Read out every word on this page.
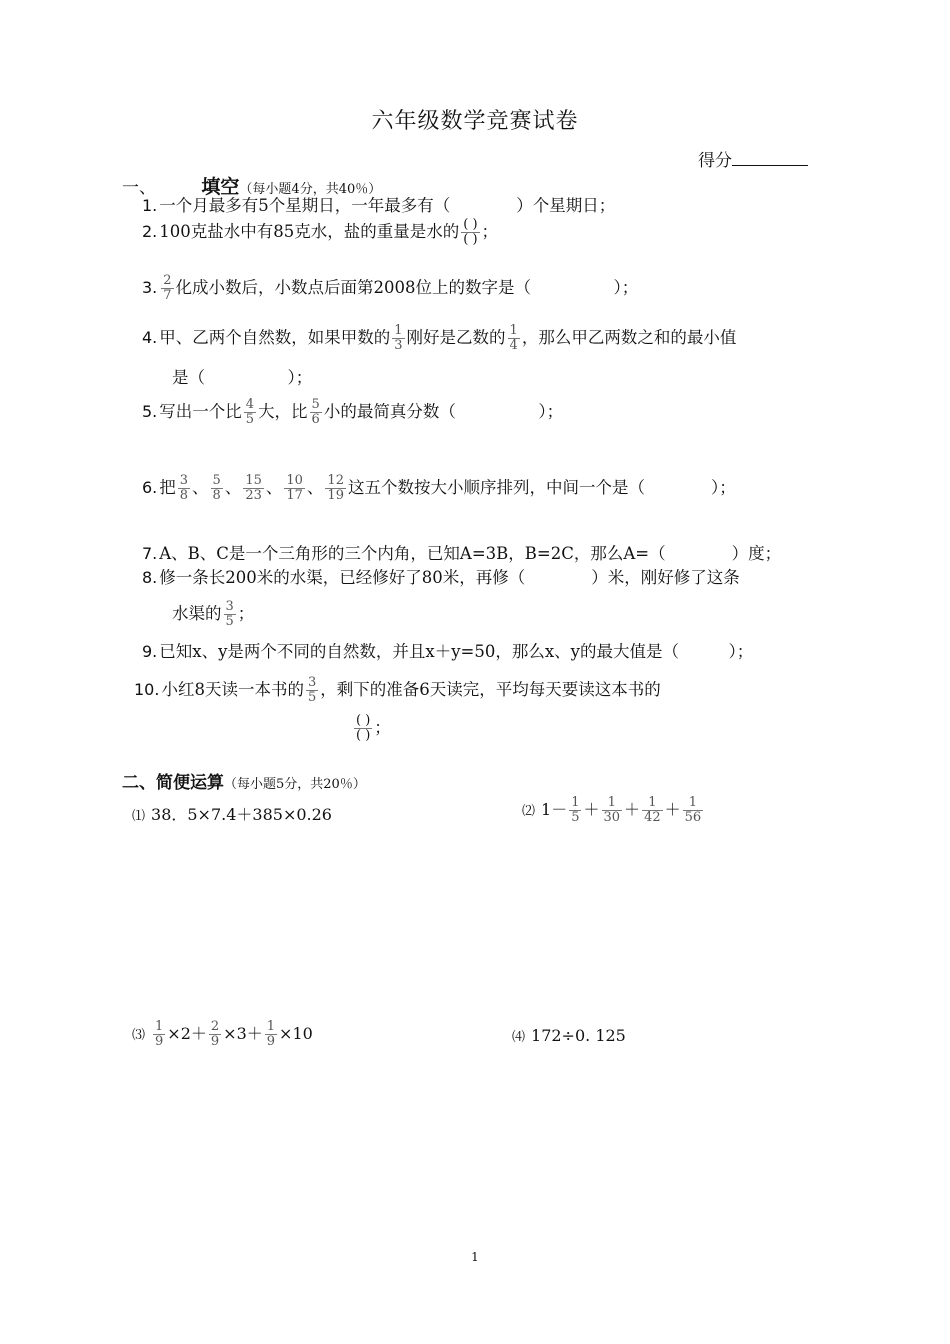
六年级数学竞赛试卷
得分
一、 填空（每小题4分，共40％）
1. 一个月最多有5个星期日，一年最多有（　　　　）个星期日；
2. 100克盐水中有85克水，盐的重量是水的 $\frac{( )}{( )}$ ；
3. $\frac{2}{7}$ 化成小数后，小数点后面第2008位上的数字是（　　　　　）；
4. 甲、乙两个自然数，如果甲数的 $\frac{1}{3}$ 刚好是乙数的 $\frac{1}{4}$ ，那么甲乙两数之和的最小值
是（　　　　　）；
5. 写出一个比 $\frac{4}{5}$ 大，比 $\frac{5}{6}$ 小的最简真分数（　　　　　）；
6. 把 $\frac{3}{8}$ 、 $\frac{5}{8}$ 、 $\frac{15}{23}$ 、 $\frac{10}{17}$ 、 $\frac{12}{19}$ 这五个数按大小顺序排列，中间一个是（　　　　）；
7. A、B、C是一个三角形的三个内角，已知A=3B，B=2C，那么A=（　　　　）度；
8. 修一条长200米的水渠，已经修好了80米，再修（　　　　）米，刚好修了这条
水渠的 $\frac{3}{5}$ ；
9. 已知x、y是两个不同的自然数，并且x＋y=50，那么x、y的最大值是（　　　）；
10. 小红8天读一本书的 $\frac{3}{5}$ ，剩下的准备6天读完，平均每天要读这本书的
$\frac{( )}{( )}$ ；
二、简便运算（每小题5分，共20％）
⑴ 38．5×7.4＋385×0.26	⑵ $1- \frac{1}{5} + \frac{1}{30} + \frac{1}{42} + \frac{1}{56}$
⑶ $\frac{1}{9} \times 2+ \frac{2}{9} \times 3+ \frac{1}{9} \times 10$	⑷ 172÷0. 125
1
